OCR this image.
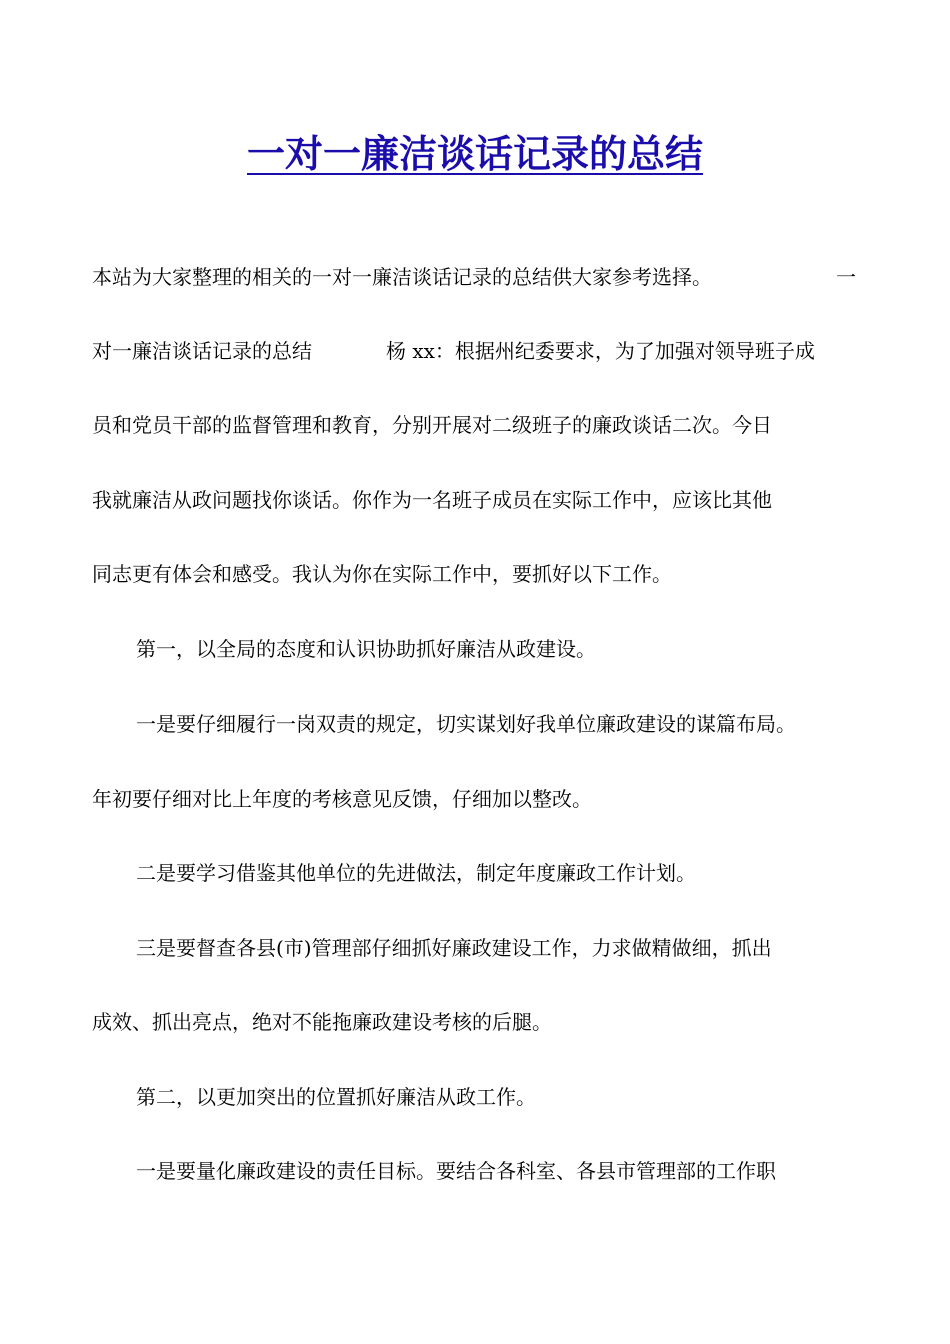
一对一廉洁谈话记录的总结
本站为大家整理的相关的一对一廉洁谈话记录的总结供大家参考选择。	一
对一廉洁谈话记录的总结	杨 xx：根据州纪委要求，为了加强对领导班子成
员和党员干部的监督管理和教育，分别开展对二级班子的廉政谈话二次。今日
我就廉洁从政问题找你谈话。你作为一名班子成员在实际工作中，应该比其他
同志更有体会和感受。我认为你在实际工作中，要抓好以下工作。
第一，以全局的态度和认识协助抓好廉洁从政建设。
一是要仔细履行一岗双责的规定，切实谋划好我单位廉政建设的谋篇布局。
年初要仔细对比上年度的考核意见反馈，仔细加以整改。
二是要学习借鉴其他单位的先进做法，制定年度廉政工作计划。
三是要督查各县(市)管理部仔细抓好廉政建设工作，力求做精做细，抓出
成效、抓出亮点，绝对不能拖廉政建设考核的后腿。
第二，以更加突出的位置抓好廉洁从政工作。
一是要量化廉政建设的责任目标。要结合各科室、各县市管理部的工作职
